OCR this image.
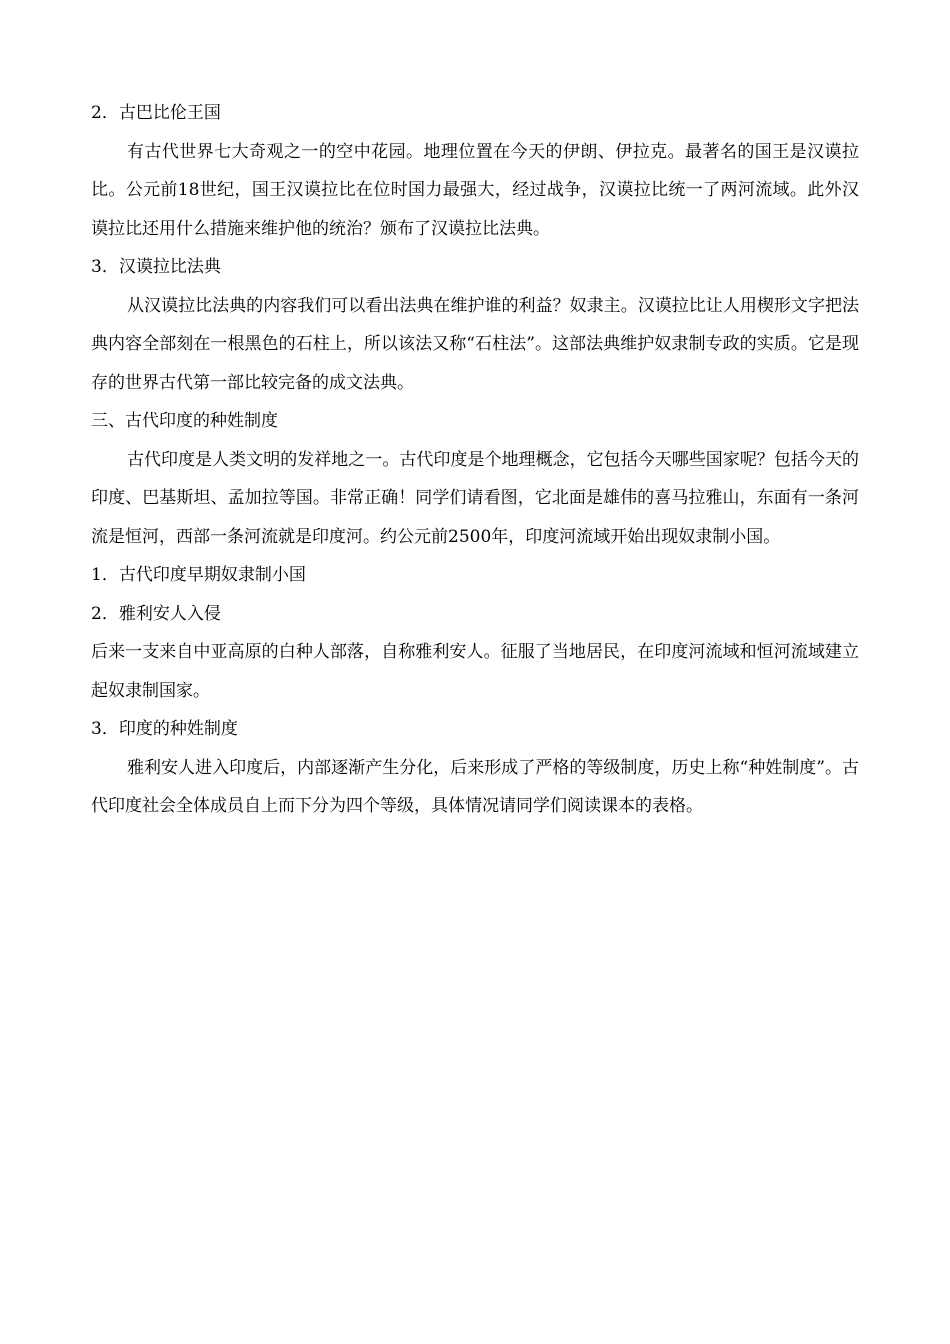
2．古巴比伦王国

有古代世界七大奇观之一的空中花园。地理位置在今天的伊朗、伊拉克。最著名的国王是汉谟拉比。公元前18世纪，国王汉谟拉比在位时国力最强大，经过战争，汉谟拉比统一了两河流域。此外汉谟拉比还用什么措施来维护他的统治？颁布了汉谟拉比法典。

3．汉谟拉比法典

从汉谟拉比法典的内容我们可以看出法典在维护谁的利益？奴隶主。汉谟拉比让人用楔形文字把法典内容全部刻在一根黑色的石柱上，所以该法又称“石柱法”。这部法典维护奴隶制专政的实质。它是现存的世界古代第一部比较完备的成文法典。

三、古代印度的种姓制度

古代印度是人类文明的发祥地之一。古代印度是个地理概念，它包括今天哪些国家呢？包括今天的印度、巴基斯坦、孟加拉等国。非常正确！同学们请看图，它北面是雄伟的喜马拉雅山，东面有一条河流是恒河，西部一条河流就是印度河。约公元前2500年，印度河流域开始出现奴隶制小国。

1．古代印度早期奴隶制小国

2．雅利安人入侵

后来一支来自中亚高原的白种人部落，自称雅利安人。征服了当地居民，在印度河流域和恒河流域建立起奴隶制国家。

3．印度的种姓制度

雅利安人进入印度后，内部逐渐产生分化，后来形成了严格的等级制度，历史上称“种姓制度”。古代印度社会全体成员自上而下分为四个等级，具体情况请同学们阅读课本的表格。
